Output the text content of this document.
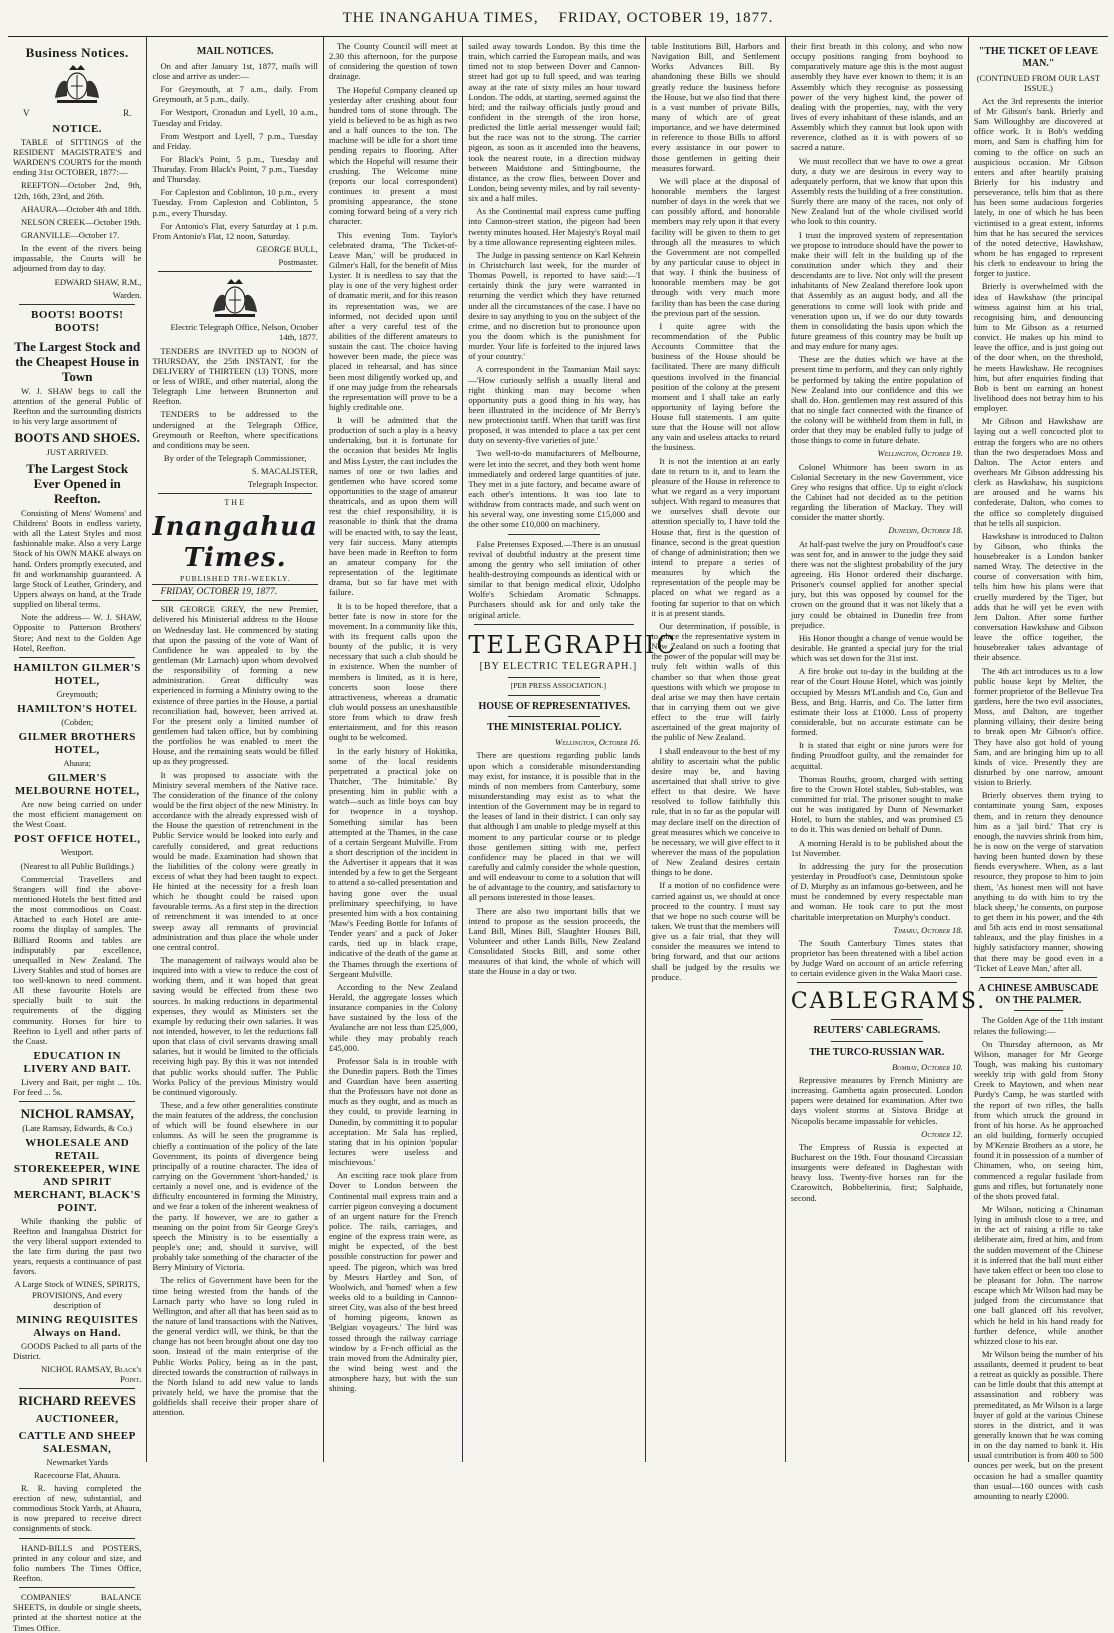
THE INANGAHUA TIMES, FRIDAY, OCTOBER 19, 1877.
Business Notices.
V	R.
NOTICE.

TABLE of SITTINGS of the RESIDENT MAGISTRATE'S and WARDEN'S COURTS for the month ending 31st OCTOBER, 1877:—

REEFTON—October 2nd, 9th, 12th, 16th, 23rd, and 26th.

AHAURA—October 4th and 18th.

NELSON CREEK—October 19th.

GRANVILLE—October 17.

In the event of the rivers being impassable, the Courts will be adjourned from day to day.

EDWARD SHAW, R.M.,

Warden.

BOOTS! BOOTS! BOOTS!
The Largest Stock and the Cheapest House in Town

W. J. SHAW begs to call the attention of the general Public of Reefton and the surrounding districts to his very large assortment of

BOOTS AND SHOES.

JUST ARRIVED.

The Largest Stock Ever Opened in Reefton.

Consisting of Mens' Womens' and Childrens' Boots in endless variety, with all the Latest Styles and most fashionable make. Also a very Large Stock of his OWN MAKE always on hand. Orders promptly executed, and fit and workmanship guaranteed. A large Stock of Leather, Grindery, and Uppers always on hand, at the Trade supplied on liberal terms.

Note the address— W. J. SHAW, Opposite to Patterson Brothers' Store; And next to the Golden Age Hotel, Reefton.

HAMILTON GILMER'S HOTEL,

Greymouth;

HAMILTON'S HOTEL

(Cobden;

GILMER BROTHERS HOTEL,

Ahaura;

GILMER'S MELBOURNE HOTEL,

Are now being carried on under the most efficient management on the West Coast.

POST OFFICE HOTEL,

Westport.

(Nearest to all Public Buildings.)

Commercial Travellers and Strangers will find the above-mentioned Hotels the best fitted and the most commodious on Coast. Attached to each Hotel are ante-rooms the display of samples. The Billiard Rooms and tables are indisputably par excellence, unequalled in New Zealand. The Livery Stables and stud of horses are too well-known to need comment. All these favourite Hotels are specially built to suit the requirements of the digging community. Horses for hire to Reefton to Lyell and other parts of the Coast.

EDUCATION IN LIVERY AND BAIT.

Livery and Bait, per night ... 10s. For feed ... 5s.

NICHOL RAMSAY,

(Late Ramsay, Edwards, & Co.)

WHOLESALE AND RETAIL STOREKEEPER, WINE AND SPIRIT MERCHANT, BLACK'S POINT.

While thanking the public of Reefton and Inangahua District for the very liberal support extended to the late firm during the past two years, requests a continuance of past favors.

A Large Stock of WINES, SPIRITS, PROVISIONS, And every description of

MINING REQUISITES Always on Hand.

GOODS Packed to all parts of the District.

NICHOL RAMSAY, Black's Point.

RICHARD REEVES
AUCTIONEER,
CATTLE AND SHEEP SALESMAN,

Newmarket Yards

Racecourse Flat, Ahaura.

R. R. having completed the erection of new, substantial, and commodious Stock Yards, at Ahaura, is now prepared to receive direct consignments of stock.

HAND-BILLS and POSTERS, printed in any colour and size, and folio numbers The Times Office, Reefton.

COMPANIES' BALANCE SHEETS, in double or single sheets, printed at the shortest notice at the Times Office.

MAIL NOTICES.

On and after January 1st, 1877, mails will close and arrive as under:—

For Greymouth, at 7 a.m., daily. From Greymouth, at 5 p.m., daily.

For Westport, Cronadun and Lyell, 10 a.m., Tuesday and Friday.

From Westport and Lyell, 7 p.m., Tuesday and Friday.

For Black's Point, 5 p.m., Tuesday and Thursday. From Black's Point, 7 p.m., Tuesday and Thursday.

For Capleston and Coblinton, 10 p.m., every Tuesday. From Capleston and Coblinton, 5 p.m., every Thursday.

For Antonio's Flat, every Saturday at 1 p.m. From Antonio's Flat, 12 noon, Saturday.

GEORGE BULL,

Postmaster.

Electric Telegraph Office, Nelson, October 14th, 1877.

TENDERS are INVITED up to NOON of THURSDAY, the 25th INSTANT, for the DELIVERY of THIRTEEN (13) TONS, more or less of WIRE, and other material, along the Telegraph Line between Brunnerton and Reefton.

TENDERS to be addressed to the undersigned at the Telegraph Office, Greymouth or Reefton, where specifications and conditions may be seen.

By order of the Telegraph Commissioner,

S. MACALISTER,

Telegraph Inspector.

THE
Inangahua Times.
PUBLISHED TRI-WEEKLY.

FRIDAY, OCTOBER 19, 1877.

SIR GEORGE GREY, the new Premier, delivered his Ministerial address to the House on Wednesday last. He commenced by stating that upon the passing of the vote of Want of Confidence he was appealed to by the gentleman (Mr Larnach) upon whom devolved the responsibility of forming a new administration. Great difficulty was experienced in forming a Ministry owing to the existence of three parties in the House, a partial reconciliation had, however, been arrived at. For the present only a limited number of gentlemen had taken office, but by combining the portfolios he was enabled to meet the House, and the remaining seats would be filled up as they progressed.

It was proposed to associate with the Ministry several members of the Native race. The consideration of the finance of the colony would be the first object of the new Ministry. In accordance with the already expressed wish of the House the question of retrenchment in the Public Service would be looked into early and carefully considered, and great reductions would be made. Examination had shown that the liabilities of the colony were greatly in excess of what they had been taught to expect. He hinted at the necessity for a fresh loan which he thought could be raised upon favourable terms. As a first step in the direction of retrenchment it was intended to at once sweep away all remnants of provincial administration and thus place the whole under one central control.

The management of railways would also be inquired into with a view to reduce the cost of working them, and it was hoped that great saving would be effected from these two sources. In making reductions in departmental expenses, they would as Ministers set the example by reducing their own salaries. It was not intended, however, to let the reductions fall upon that class of civil servants drawing small salaries, but it would be limited to the officials receiving high pay. By this it was not intended that public works should suffer. The Public Works Policy of the previous Ministry would be continued vigorously.

These, and a few other generalities constitute the main features of the address, the conclusion of which will be found elsewhere in our columns. As will be seen the programme is chiefly a continuation of the policy of the late Government, its points of divergence being principally of a routine character. The idea of carrying on the Government 'short-handed,' is certainly a novel one, and is evidence of the difficulty encountered in forming the Ministry, and we fear a token of the inherent weakness of the party. If however, we are to gather a meaning on the point from Sir George Grey's speech the Ministry is to be essentially a people's one; and, should it survive, will probably take something of the character of the Berry Ministry of Victoria.

The relics of Government have been for the time being wrested from the hands of the Larnach party who have so long ruled in Wellington, and after all that has been said as to the nature of land transactions with the Natives, the general verdict will, we think, be that the change has not been brought about one day too soon. Instead of the main enterprise of the Public Works Policy, being as in the past, directed towards the construction of railways in the North Island to add new value to lands privately held, we have the promise that the goldfields shall receive their proper share of attention.

The County Council will meet at 2.30 this afternoon, for the purpose of considering the question of town drainage.

The Hopeful Company cleaned up yesterday after crushing about four hundred tons of stone through. The yield is believed to be as high as two and a half ounces to the ton. The machine will be idle for a short time pending repairs to flooring. After which the Hopeful will resume their crushing. The Welcome mine (reports our local correspondent) continues to present a most promising appearance, the stone coming forward being of a very rich character.

This evening Tom. Taylor's celebrated drama, 'The Ticket-of-Leave Man,' will be produced in Gilmer's Hall, for the benefit of Miss Lyster. It is needless to say that the play is one of the very highest order of dramatic merit, and for this reason its representation was, we are informed, not decided upon until after a very careful test of the abilities of the different amateurs to sustain the cast. The choice having however been made, the piece was placed in rehearsal, and has since been most diligently worked up, and if one may judge from the rehearsals the representation will prove to be a highly creditable one.

It will be admitted that the production of such a play is a heavy undertaking, but it is fortunate for the occasion that besides Mr Inglis and Miss Lyster, the cast includes the names of one or two ladies and gentlemen who have scored some opportunities to the stage of amateur theatricals, and as upon them will rest the chief responsibility, it is reasonable to think that the drama will be enacted with, to say the least, very fair success. Many attempts have been made in Reefton to form an amateur company for the representation of the legitimate drama, but so far have met with failure.

It is to be hoped therefore, that a better fate is now in store for the movement. In a community like this, with its frequent calls upon the bounty of the public, it is very necessary that such a club should be in existence. When the number of members is limited, as it is here, concerts soon loose there attractiveness, whereas a dramatic club would possess an unexhaustible store from which to draw fresh entertainment, and for this reason ought to be welcomed.

In the early history of Hokitika, some of the local residents perpetrated a practical joke on Thatcher, 'The Inimitable.' By presenting him in public with a watch—such as little boys can buy for twopence in a toyshop. Something similar has been attempted at the Thames, in the case of a certain Sergeant Mulville. From a short description of the incident in the Advertiser it appears that it was intended by a few to get the Sergeant to attend a so-called presentation and having gone over the usual preliminary speechifying, to have presented him with a box containing 'Maw's Feeding Bottle for Infants of Tender years' and a pack of Joker cards, tied up in black crape, indicative of the death of the game at the Thames through the exertions of Sergeant Mulville.

According to the New Zealand Herald, the aggregate losses which insurance companies in the Colony have sustained by the loss of the Avalanche are not less than £25,000, while they may probably reach £45,000.

Professor Sala is in trouble with the Dunedin papers. Both the Times and Guardian have been asserting that the Professors have not done as much as they ought, and as much as they could, to provide learning in Dunedin, by committing it to popular acceptation. Mr Sala has replied, stating that in his opinion 'popular lectures were useless and mischievous.'

An exciting race took place from Dover to London between the Continental mail express train and a carrier pigeon conveying a document of an urgent nature for the French police. The rails, carriages, and engine of the express train were, as might be expected, of the best possible construction for power and speed. The pigeon, which was bred by Messrs Hartley and Son, of Woolwich, and 'homed' when a few weeks old to a building in Cannon-street City, was also of the best breed of homing pigeons, known as 'Belgian voyageurs.' The bird was tossed through the railway carriage window by a Fr-nch official as the train moved from the Admiralty pier, the wind being west and the atmosphere hazy, but with the sun shining.

sailed away towards London. By this time the train, which carried the European mails, and was timed not to stop between Dover and Cannon-street had got up to full speed, and was tearing away at the rate of sixty miles an hour toward London. The odds, at starting, seemed against the bird; and the railway officials justly proud and confident in the strength of the iron horse, predicted the little aerial messenger would fail; but the race was not to the strong. The carrier pigeon, as soon as it ascended into the heavens, took the nearest route, in a direction midway between Maidstone and Sittingbourne, the distance, as the crow flies, between Dover and London, being seventy miles, and by rail seventy-six and a half miles.

As the Continental mail express came puffing into Cannon-street station, the pigeon had been twenty minutes housed. Her Majesty's Royal mail by a time allowance representing eighteen miles.

The Judge in passing sentence on Karl Kehrein in Christchurch last week, for the murder of Thomas Powell, is reported to have said:—'I certainly think the jury were warranted in returning the verdict which they have returned under all the circumstances of the case. I have no desire to say anything to you on the subject of the crime, and no discretion but to pronounce upon you the doom which is the punishment for murder. Your life is forfeited to the injured laws of your country.'

A correspondent in the Tasmanian Mail says:—'How curiously selfish a usually literal and right thinking man may become when opportunity puts a good thing in his way, has been illustrated in the incidence of Mr Berry's new protectionist tariff. When that tariff was first proposed, it was intended to place a tax per cent duty on seventy-five varieties of jute.'

Two well-to-do manufacturers of Melbourne, were let into the secret, and they both went home immediately and ordered large quantities of jute. They met in a jute factory, and became aware of each other's intentions. It was too late to withdraw from contracts made, and such went on his several way, one investing some £15,000 and the other some £10,000 on machinery.

False Pretenses Exposed.—There is an unusual revival of doubtful industry at the present time among the gentry who sell imitation of other health-destroying compounds as identical with or similar to that benign medical elixir, Udolpho Wolfe's Schiedam Aromatic Schnapps. Purchasers should ask for and only take the original article.

TELEGRAPHIC

[BY ELECTRIC TELEGRAPH.]

[PER PRESS ASSOCIATION.]

HOUSE OF REPRESENTATIVES.
THE MINISTERIAL POLICY.

Wellington, October 16.

There are questions regarding public lands upon which a considerable misunderstanding may exist, for instance, it is possible that in the minds of non members from Canterbury, some misunderstanding may exist as to what the intention of the Government may be in regard to the leases of land in their district. I can only say that although I am unable to pledge myself at this moment to any particular course or to pledge those gentlemen sitting with me, perfect confidence may be placed in that we will carefully and calmly consider the whole question, and will endeavour to come to a solution that will be of advantage to the country, and satisfactory to all persons interested in those leases.

There are also two important bills that we intend to propose as the session proceeds, the Land Bill, Mines Bill, Slaughter Houses Bill, Volunteer and other Lands Bills, New Zealand Consolidated Stocks Bill, and some other measures of that kind, the whole of which will state the House in a day or two.

table Institutions Bill, Harbors and Navigation Bill, and Settlement Works Advances Bill. By abandoning these Bills we should greatly reduce the business before the House, but we also find that there is a vast number of private Bills, many of which are of great importance, and we have determined in reference to those Bills to afford every assistance in our power to those gentlemen in getting their measures forward.

We will place at the disposal of honorable members the largest number of days in the week that we can possibly afford, and honorable members may rely upon it that every facility will be given to them to get through all the measures to which the Government are not compelled by any particular cause to object in that way. I think the business of honorable members may be got through with very much more facility than has been the case during the previous part of the session.

I quite agree with the recommendation of the Public Accounts Committee that the business of the House should be facilitated. There are many difficult questions involved in the financial position of the colony at the present moment and I shall take an early opportunity of laying before the House full statements. I am quite sure that the House will not allow any vain and useless attacks to retard the business.

It is not the intention at an early date to return to it, and to learn the pleasure of the House in reference to what we regard as a very important subject. With regard to measures that we ourselves shall devote our attention specially to, I have told the House that, first is the question of finance, second is the great question of change of administration; then we intend to prepare a series of measures by which the representation of the people may be placed on what we regard as a footing far superior to that on which it is at present stands.

Our determination, if possible, is to place the representative system in New Zealand on such a footing that the power of the popular will may be truly felt within walls of this chamber so that when those great questions with which we propose to deal arise we may then have certain that in carrying them out we give effect to the true will fairly ascertained of the great majority of the public of New Zealand.

I shall endeavour to the best of my ability to ascertain what the public desire may be, and having ascertained that shall strive to give effect to that desire. We have resolved to follow faithfully this rule, that in so far as the popular will may declare itself on the direction of great measures which we conceive to be necessary, we will give effect to it wherever the mass of the population of New Zealand desires certain things to be done.

If a motion of no confidence were carried against us, we should at once proceed to the country. I must say that we hope no such course will be taken. We trust that the members will give us a fair trial, that they will consider the measures we intend to bring forward, and that our actions shall be judged by the results we produce.

their first breath in this colony, and who now occupy positions ranging from boyhood to comparatively mature age this is the most august assembly they have ever known to them; it is an Assembly which they recognise as possessing power of the very highest kind, the power of dealing with the properties, nay, with the very lives of every inhabitant of these islands, and an Assembly which they cannot but look upon with reverence, clothed as it is with powers of so sacred a nature.

We must recollect that we have to owe a great duty, a duty we are desirous in every way to adequately perform, that we know that upon this Assembly rests the building of a free constitution. Surely there are many of the races, not only of New Zealand but of the whole civilised world who look to this country.

I trust the improved system of representation we propose to introduce should have the power to make their will felt in the building up of the constitution under which they and their descendants are to live. Not only will the present inhabitants of New Zealand therefore look upon that Assembly as an august body, and all the generations to come will look with pride and veneration upon us, if we do our duty towards them in consolidating the basis upon which the future greatness of this country may be built up and may endure for many ages.

These are the duties which we have at the present time to perform, and they can only rightly be performed by taking the entire population of New Zealand into our confidence and this we shall do. Hon. gentlemen may rest assured of this that no single fact connected with the finance of the colony will be withheld from them in full, in order that they may be enabled fully to judge of those things to come in future debate.

Wellington, October 19.

Colonel Whitmore has been sworn in as Colonial Secretary in the new Government, vice Grey who resigns that office. Up to eight o'clock the Cabinet had not decided as to the petition regarding the liberation of Mackay. They will consider the matter shortly.

Dunedin, October 18.

At half-past twelve the jury on Proudfoot's case was sent for, and in answer to the judge they said there was not the slightest probability of the jury agreeing. His Honor ordered their discharge. Prisoner's counsel applied for another special jury, but this was opposed by counsel for the crown on the ground that it was not likely that a jury could be obtained in Dunedin free from prejudice.

His Honor thought a change of venue would be desirable. He granted a special jury for the trial which was set down for the 31st inst.

A fire broke out to-day in the building at the rear of the Court House Hotel, which was jointly occupied by Messrs M'Landish and Co, Gun and Bess, and Brig. Harris, and Co. The latter firm estimate their loss at £1000. Loss of property considerable, but no accurate estimate can be formed.

It is stated that eight or nine jurors were for finding Proudfoot guilty, and the remainder for acquittal.

Thomas Rouths, groom, charged with setting fire to the Crown Hotel stables, Sub-stables, was committed for trial. The prisoner sought to make out he was instigated by Dunn of Newmarket Hotel, to burn the stables, and was promised £5 to do it. This was denied on behalf of Dunn.

A morning Herald is to be published about the 1st November.

In addressing the jury for the prosecution yesterday in Proudfoot's case, Dennistoun spoke of D. Murphy as an infamous go-between, and he must be condemned by every respectable man and woman. He took care to put the most charitable interpretation on Murphy's conduct.

Timaru, October 18.

The South Canterbury Times states that proprietor has been threatened with a libel action by Judge Ward on account of an article referring to certain evidence given in the Waka Maori case.

CABLEGRAMS.
REUTERS' CABLEGRAMS.
THE TURCO-RUSSIAN WAR.

Bombay, October 10.

Repressive measures by French Ministry are increasing. Gambetta again prosecuted. London papers were detained for examination. After two days violent storms at Sistova Bridge at Nicopolis became impassable for vehicles.

October 12.

The Empress of Russia is expected at Bucharest on the 19th. Four thousand Circassian insurgents were defeated in Daghestan with heavy loss. Twenty-five horses ran for the Czarowitch, Bobbelterinia, first; Salphaide, second.

"THE TICKET OF LEAVE MAN."

(CONTINUED FROM OUR LAST ISSUE.)

Act the 3rd represents the interior of Mr Gibson's bank. Brierly and Sam Willoughby are discovered at office work. It is Bob's wedding morn, and Sam is chaffing him for coming to the office on such an auspicious occasion. Mr Gibson enters and after heartily praising Brierly for his industry and perseverance, tells him that as there has been some audacious forgeries lately, in one of which he has been victimised to a great extent, informs him that he has secured the services of the noted detective, Hawkshaw, whom he has engaged to represent his clerk to endeavour to bring the forger to justice.

Brierly is overwhelmed with the idea of Hawkshaw (the principal witness against him at his trial, recognising him, and denouncing him to Mr Gibson as a returned convict. He makes up his mind to leave the office, and is just going out of the door when, on the threshold, he meets Hawkshaw. He recognises him, but after enquiries finding that Bob is bent on earning an honest livelihood does not betray him to his employer.

Mr Gibson and Hawkshaw are laying out a well concocted plot to entrap the forgers who are no others than the two desperadoes Moss and Dalton. The Actor enters and overhears Mr Gibson addressing his clerk as Hawkshaw, his suspicions are aroused and he warns his confederate, Dalton, who comes to the office so completely disguised that he tells all suspicion.

Hawkshaw is introduced to Dalton by Gibson, who thinks the housebreaker is a London banker named Wray. The detective in the course of conversation with him, tells him how his plans were that cruelly murdered by the Tiger, but adds that he will yet be even with Jem Dalton. After some further conversation Hawkshaw and Gibson leave the office together, the housebreaker takes advantage of their absence.

The 4th act introduces us to a low public house kept by Melter, the former proprietor of the Bellevue Tea gardens, here the two evil associates, Moss, and Dalton, are together planning villainy, their desire being to break open Mr Gibson's office. They have also got hold of young Sam, and are bringing him up to all kinds of vice. Presently they are disturbed by one narrow, amount vision to Brierly.

Brierly observes them trying to contaminate young Sam, exposes them, and in return they denounce him as a 'jail bird.' That cry is enough, the navvies shrink from him, he is now on the verge of starvation having been hunted down by these fiends everywhere. When, as a last resource, they propose to him to join them, 'As honest men will not have anything to do with him to try the black sheep,' he consents, on purpose to get them in his power, and the 4th and 5th acts end in most sensational tableaux, and the play finishes in a highly satisfactory manner, showing that there may be good even in a 'Ticket of Leave Man,' after all.

A CHINESE AMBUSCADE ON THE PALMER.

The Golden Age of the 11th instant relates the following:—

On Thursday afternoon, as Mr Wilson, manager for Mr George Tough, was making his customary weekly trip with gold from Stony Creek to Maytown, and when near Purdy's Camp, he was startled with the report of two rifles, the balls from which struck the ground in front of his horse. As he approached an old building, formerly occupied by M'Kenzie Brothers as a store, he found it in possession of a number of Chinamen, who, on seeing him, commenced a regular fusilade from guns and rifles, but fortunately none of the shots proved fatal.

Mr Wilson, noticing a Chinaman lying in ambush close to a tree, and in the act of raising a rifle to take deliberate aim, fired at him, and from the sudden movement of the Chinese it is inferred that the ball must either have taken effect or been too close to be pleasant for John. The narrow escape which Mr Wilson had may be judged from the circumstance that one ball glanced off his revolver, which he held in his hand ready for further defence, while another whizzed close to his ear.

Mr Wilson being the number of his assailants, deemed it prudent to beat a retreat as quickly as possible. There can be little doubt that this attempt at assassination and robbery was premeditated, as Mr Wilson is a large buyer of gold at the various Chinese stores in the district, and it was generally known that he was coming in on the day named to bank it. His usual contribution is from 400 to 500 ounces per week, but on the present occasion he had a smaller quantity than usual—160 ounces with cash amounting to nearly £2000.
